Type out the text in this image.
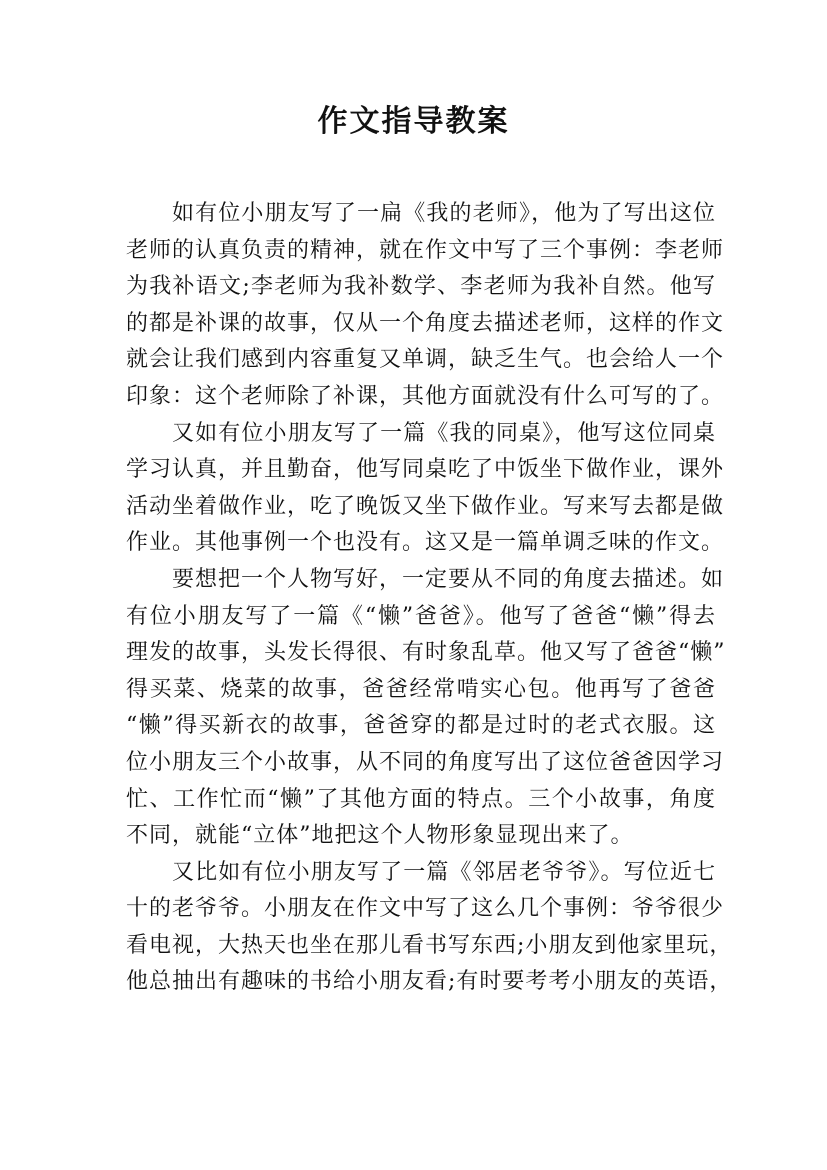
作文指导教案

如有位小朋友写了一扁《我的老师》，他为了写出这位
老师的认真负责的精神，就在作文中写了三个事例：李老师
为我补语文;李老师为我补数学、李老师为我补自然。他写
的都是补课的故事，仅从一个角度去描述老师，这样的作文
就会让我们感到内容重复又单调，缺乏生气。也会给人一个
印象：这个老师除了补课，其他方面就没有什么可写的了。

又如有位小朋友写了一篇《我的同桌》，他写这位同桌
学习认真，并且勤奋，他写同桌吃了中饭坐下做作业，课外
活动坐着做作业，吃了晚饭又坐下做作业。写来写去都是做
作业。其他事例一个也没有。这又是一篇单调乏味的作文。

要想把一个人物写好，一定要从不同的角度去描述。如
有位小朋友写了一篇《“懒”爸爸》。他写了爸爸“懒”得去
理发的故事，头发长得很、有时象乱草。他又写了爸爸“懒”
得买菜、烧菜的故事，爸爸经常啃实心包。他再写了爸爸
“懒”得买新衣的故事，爸爸穿的都是过时的老式衣服。这
位小朋友三个小故事，从不同的角度写出了这位爸爸因学习
忙、工作忙而“懒”了其他方面的特点。三个小故事，角度
不同，就能“立体”地把这个人物形象显现出来了。

又比如有位小朋友写了一篇《邻居老爷爷》。写位近七
十的老爷爷。小朋友在作文中写了这么几个事例：爷爷很少
看电视，大热天也坐在那儿看书写东西;小朋友到他家里玩，
他总抽出有趣味的书给小朋友看;有时要考考小朋友的英语，
